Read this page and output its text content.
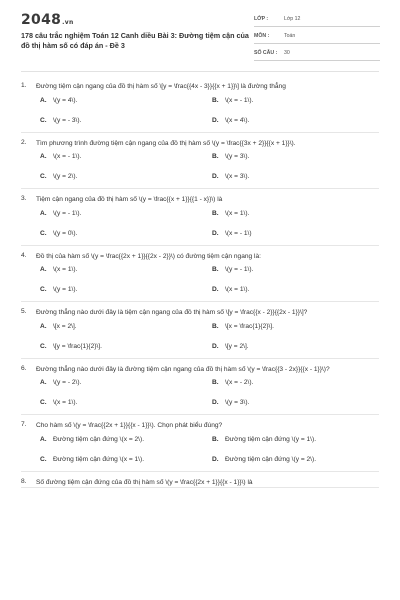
2048.vn
178 câu trắc nghiệm Toán 12 Canh diều Bài 3: Đường tiệm cận của đồ thị hàm số có đáp án - Đề 3
LỚP :	Lớp 12
MÔN :	Toán
SỐ CÂU : 30
1. Đường tiệm cận ngang của đồ thị hàm số \[y = \frac{{4x - 3}}{{x + 1}}\] là đường thẳng
A. \(y = 4\).	B. \(x = - 1\).
C. \(y = - 3\).	D. \(x = 4\).
2. Tìm phương trình đường tiệm cận ngang của đồ thị hàm số \(y = \frac{{3x + 2}}{{x + 1}}\).
A. \(x = - 1\).	B. \(y = 3\).
C. \(y = 2\).	D. \(x = 3\).
3. Tiệm cận ngang của đồ thị hàm số \(y = \frac{{x + 1}}{{1 - x}}\) là
A. \(y = - 1\).	B. \(x = 1\).
C. \(y = 0\).	D. \(x = - 1\)
4. Đồ thị của hàm số \(y = \frac{{2x + 1}}{{2x - 2}}\) có đường tiệm cận ngang là:
A. \(x = 1\).	B. \(y = - 1\).
C. \(y = 1\).	D. \(x = 1\).
5. Đường thẳng nào dưới đây là tiệm cận ngang của đồ thị hàm số \[y = \frac{{x - 2}}{{2x - 1}}\]?
A. \[x = 2\].	B. \[x = \frac{1}{2}\].
C. \[y = \frac{1}{2}\].	D. \[y = 2\].
6. Đường thẳng nào dưới đây là đường tiệm cận ngang của đồ thị hàm số \(y = \frac{{3 - 2x}}{{x - 1}}\)?
A. \(y = - 2\).	B. \(x = - 2\).
C. \(x = 1\).	D. \(y = 3\).
7. Cho hàm số \(y = \frac{{2x + 1}}{{x - 1}}\). Chọn phát biểu đúng?
A. Đường tiệm cận đứng \(x = 2\).	B. Đường tiệm cận đứng \(y = 1\).
C. Đường tiệm cận đứng \(x = 1\).	D. Đường tiệm cận đứng \(y = 2\).
8. Số đường tiệm cận đứng của đồ thị hàm số \(y = \frac{{2x + 1}}{{x - 1}}\) là
